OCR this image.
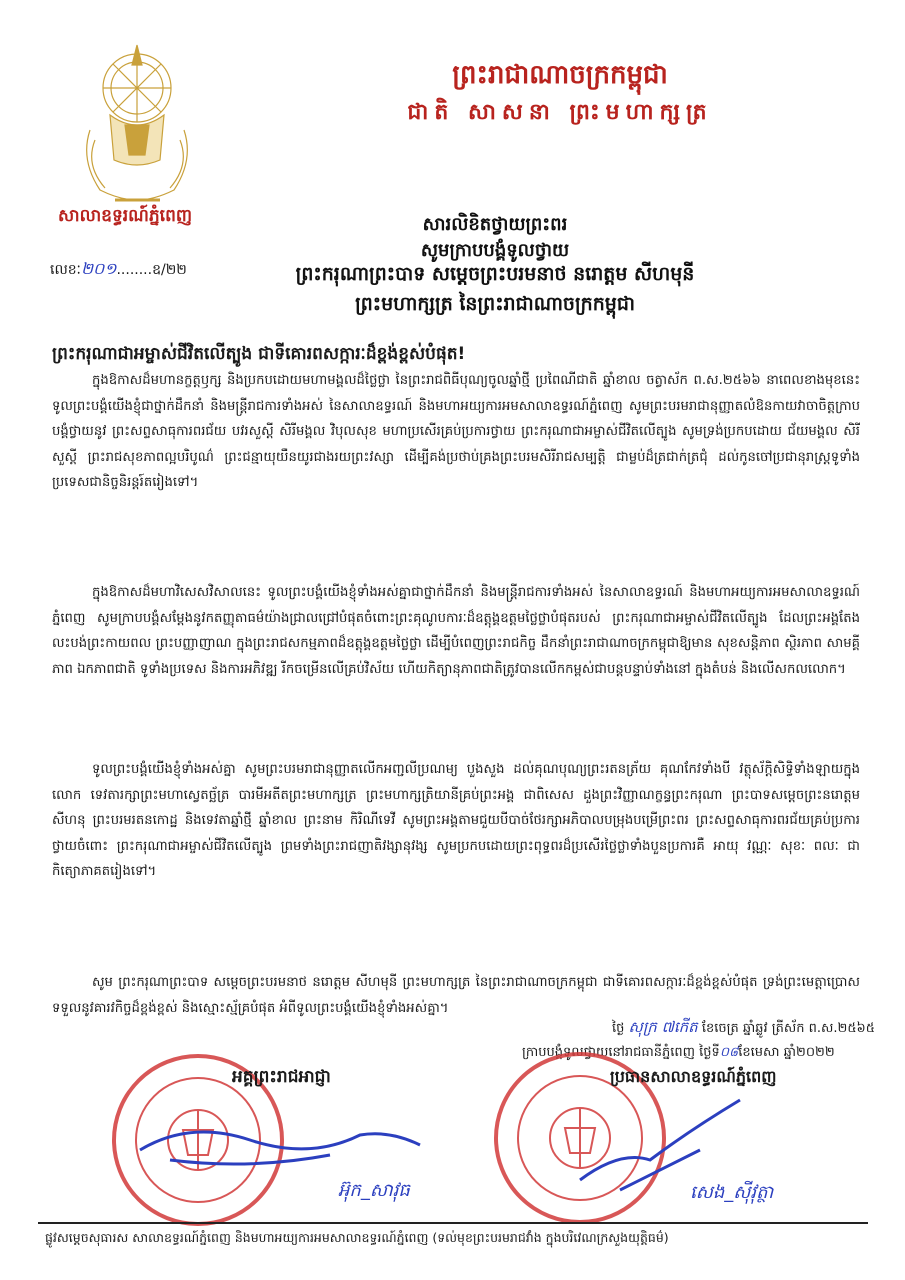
ព្រះរាជាណាចក្រកម្ពុជា
ជាតិ សាសនា ព្រះមហាក្សត្រ
សាលាឧទ្ធរណ៍ភ្នំពេញ
លេខៈ២០១........ឧ/២២
សារលិខិតថ្វាយព្រះពរ
សូមក្រាបបង្គំទូលថ្វាយ
ព្រះករុណាព្រះបាទ សម្តេចព្រះបរមនាថ នរោត្តម សីហមុនី
ព្រះមហាក្សត្រ នៃព្រះរាជាណាចក្រកម្ពុជា
ព្រះករុណាជាអម្ចាស់ជីវិតលើត្បូង ជាទីគោរពសក្ការៈដ៏ខ្ពង់ខ្ពស់បំផុត!
ក្នុងឱកាសដ៏មហានក្ខត្តឫក្ស និងប្រកបដោយមហាមង្គលដ៏ថ្លៃថ្លា នៃព្រះរាជពិធីបុណ្យចូលឆ្នាំថ្មី ប្រពៃណីជាតិ ឆ្នាំខាល ចត្វាស័ក ព.ស.២៥៦៦ នាពេលខាងមុខនេះ ទូលព្រះបង្គំយើងខ្ញុំជាថ្នាក់ដឹកនាំ និងមន្ត្រីរាជការទាំងអស់ នៃសាលាឧទ្ធរណ៍ និងមហាអយ្យការអមសាលាឧទ្ធរណ៍ភ្នំពេញ សូមព្រះបរមរាជានុញ្ញាតលំឱនកាយវាចាចិត្តក្រាបបង្គំថ្វាយនូវ ព្រះសព្ទសាធុការពរជ័យ បវរសួស្តី សិរីមង្គល វិបុលសុខ មហាប្រសើរគ្រប់ប្រការថ្វាយ ព្រះករុណាជាអម្ចាស់ជីវិតលើត្បូង សូមទ្រង់ប្រកបដោយ ជ័យមង្គល សិរីសួស្តី ព្រះរាជសុខភាពល្អបរិបូណ៌ ព្រះជន្មាយុយឺនយូរជាងរយព្រះវស្សា ដើម្បីគង់ប្រថាប់គ្រងព្រះបរមសិរីរាជសម្បត្តិ ជាម្លប់ដ៏ត្រជាក់ត្រជុំ ដល់កូនចៅប្រជានុរាស្ត្រទូទាំងប្រទេសជានិច្ចនិរន្តរ៍តរៀងទៅ។
ក្នុងឱកាសដ៏មហាវិសេសវិសាលនេះ ទូលព្រះបង្គំយើងខ្ញុំទាំងអស់គ្នាជាថ្នាក់ដឹកនាំ និងមន្ត្រីរាជការទាំងអស់ នៃសាលាឧទ្ធរណ៍ និងមហាអយ្យការអមសាលាឧទ្ធរណ៍ភ្នំពេញ សូមក្រាបបង្គំសម្តែងនូវកតញ្ញុតាធម៌យ៉ាងជ្រាលជ្រៅបំផុតចំពោះព្រះគុណូបការៈដ៏ឧត្តុង្គឧត្តមថ្លៃថ្លាបំផុតរបស់ ព្រះករុណាជាអម្ចាស់ជីវិតលើត្បូង ដែលព្រះអង្គតែងលះបង់ព្រះកាយពល ព្រះបញ្ញាញាណ ក្នុងព្រះរាជសកម្មភាពដ៏ឧត្តុង្គឧត្តមថ្លៃថ្លា ដើម្បីបំពេញព្រះរាជកិច្ច ដឹកនាំព្រះរាជាណាចក្រកម្ពុជាឱ្យមាន សុខសន្តិភាព ស្ថិរភាព សាមគ្គីភាព ឯកភាពជាតិ ទូទាំងប្រទេស និងការអភិវឌ្ឍ រីកចម្រើនលើគ្រប់វិស័យ ហើយកិត្យានុភាពជាតិត្រូវបានលើកកម្ពស់ជាបន្តបន្ទាប់ទាំងនៅ ក្នុងតំបន់ និងលើសកលលោក។
ទូលព្រះបង្គំយើងខ្ញុំទាំងអស់គ្នា សូមព្រះបរមរាជានុញ្ញាតលើកអញ្ជលីប្រណម្យ បួងសួង ដល់គុណបុណ្យព្រះរតនត្រ័យ គុណកែវទាំងបី វត្ថុស័ក្តិសិទ្ធិទាំងឡាយក្នុងលោក ទេវតារក្សាព្រះមហាស្វេតច្ឆ័ត្រ បារមីអតីតព្រះមហាក្សត្រ ព្រះមហាក្សត្រិយានីគ្រប់ព្រះអង្គ ជាពិសេស ដួងព្រះវិញ្ញាណក្ខន្ធព្រះករុណា ព្រះបាទសម្តេចព្រះនរោត្តម សីហនុ ព្រះបរមរតនកោដ្ឋ និងទេវតាឆ្នាំថ្មី ឆ្នាំខាល ព្រះនាម កិរិណីទេវី សូមព្រះអង្គតាមជួយបីបាច់ថែរក្សាអភិបាលបម្រុងបម្រើព្រះពរ ព្រះសព្ទសាធុការពរជ័យគ្រប់ប្រការថ្វាយចំពោះ ព្រះករុណាជាអម្ចាស់ជីវិតលើត្បូង ព្រមទាំងព្រះរាជញាតិវង្សានុវង្ស សូមប្រកបដោយព្រះពុទ្ធពរដ៏ប្រសើរថ្លៃថ្លាទាំងបួនប្រការគឺ អាយុ វណ្ណៈ សុខៈ ពលៈ ជាកិត្យោភាគតរៀងទៅ។
សូម ព្រះករុណាព្រះបាទ សម្តេចព្រះបរមនាថ នរោត្តម សីហមុនី ព្រះមហាក្សត្រ នៃព្រះរាជាណាចក្រកម្ពុជា ជាទីគោរពសក្ការៈដ៏ខ្ពង់ខ្ពស់បំផុត ទ្រង់ព្រះមេត្តាប្រោសទទួលនូវគារវកិច្ចដ៏ខ្ពង់ខ្ពស់ និងស្មោះស្ម័គ្របំផុត អំពីទូលព្រះបង្គំយើងខ្ញុំទាំងអស់គ្នា។
ថ្ងៃ សុក្រ ៧កើត ខែចេត្រ ឆ្នាំឆ្លូវ ត្រីស័ក ព.ស.២៥៦៥
ក្រាបបង្គំទូលថ្វាយនៅរាជធានីភ្នំពេញ ថ្ងៃទី០៨ខែមេសា ឆ្នាំ២០២២
អគ្គព្រះរាជអាជ្ញា	ប្រធានសាលាឧទ្ធរណ៍ភ្នំពេញ
អ៊ុក_សាវុធ	សេង_ស៊ីវុត្ថា
ផ្លូវសម្តេចសុធារស សាលាឧទ្ធរណ៍ភ្នំពេញ និងមហាអយ្យការអមសាលាឧទ្ធរណ៍ភ្នំពេញ (ទល់មុខព្រះបរមរាជវាំង ក្នុងបរិវេណក្រសួងយុត្តិធម៌)
